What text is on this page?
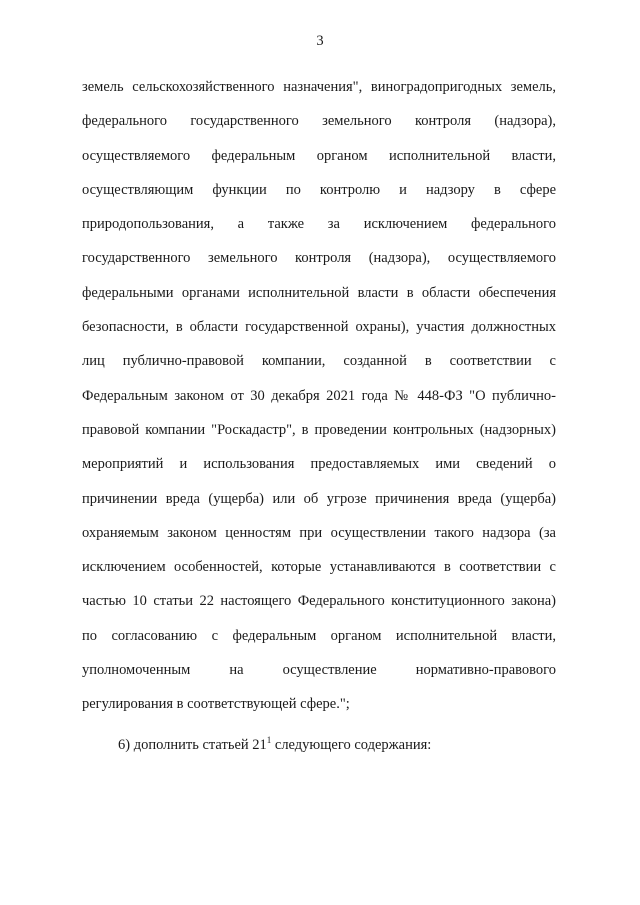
3
земель сельскохозяйственного назначения", виноградопригодных земель,
федерального государственного земельного контроля (надзора),
осуществляемого федеральным органом исполнительной власти,
осуществляющим функции по контролю и надзору в сфере
природопользования, а также за исключением федерального
государственного земельного контроля (надзора), осуществляемого
федеральными органами исполнительной власти в области обеспечения
безопасности, в области государственной охраны), участия должностных
лиц публично-правовой компании, созданной в соответствии с
Федеральным законом от 30 декабря 2021 года № 448-ФЗ "О публично-
правовой компании "Роскадастр", в проведении контрольных (надзорных)
мероприятий и использования предоставляемых ими сведений о
причинении вреда (ущерба) или об угрозе причинения вреда (ущерба)
охраняемым законом ценностям при осуществлении такого надзора (за
исключением особенностей, которые устанавливаются в соответствии с
частью 10 статьи 22 настоящего Федерального конституционного закона)
по согласованию с федеральным органом исполнительной власти,
уполномоченным на осуществление нормативно-правового
регулирования в соответствующей сфере.";
6) дополнить статьей $21^1$ следующего содержания:
